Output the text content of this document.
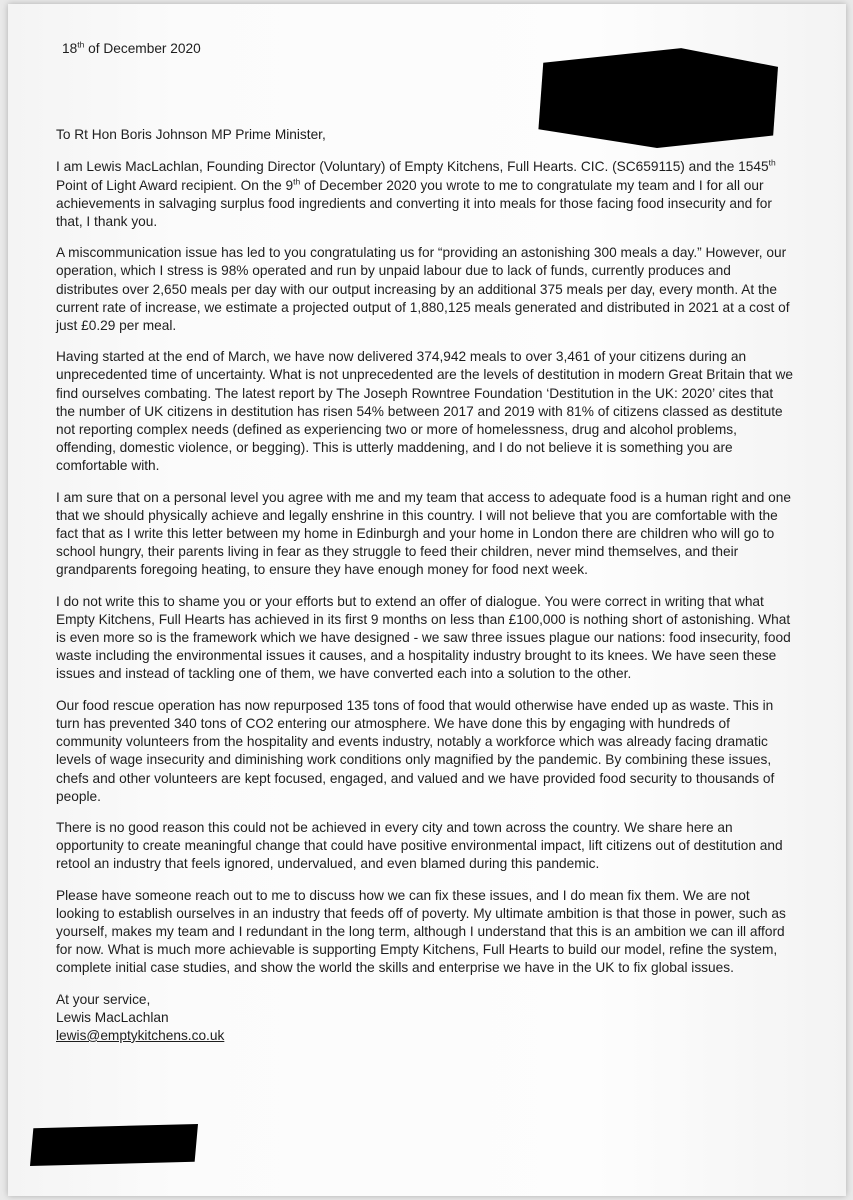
18th of December 2020

To Rt Hon Boris Johnson MP Prime Minister,

I am Lewis MacLachlan, Founding Director (Voluntary) of Empty Kitchens, Full Hearts. CIC. (SC659115) and the 1545th Point of Light Award recipient. On the 9th of December 2020 you wrote to me to congratulate my team and I for all our achievements in salvaging surplus food ingredients and converting it into meals for those facing food insecurity and for that, I thank you.

A miscommunication issue has led to you congratulating us for “providing an astonishing 300 meals a day.” However, our operation, which I stress is 98% operated and run by unpaid labour due to lack of funds, currently produces and distributes over 2,650 meals per day with our output increasing by an additional 375 meals per day, every month. At the current rate of increase, we estimate a projected output of 1,880,125 meals generated and distributed in 2021 at a cost of just £0.29 per meal.

Having started at the end of March, we have now delivered 374,942 meals to over 3,461 of your citizens during an unprecedented time of uncertainty. What is not unprecedented are the levels of destitution in modern Great Britain that we find ourselves combating. The latest report by The Joseph Rowntree Foundation ‘Destitution in the UK: 2020’ cites that the number of UK citizens in destitution has risen 54% between 2017 and 2019 with 81% of citizens classed as destitute not reporting complex needs (defined as experiencing two or more of homelessness, drug and alcohol problems, offending, domestic violence, or begging). This is utterly maddening, and I do not believe it is something you are comfortable with.

I am sure that on a personal level you agree with me and my team that access to adequate food is a human right and one that we should physically achieve and legally enshrine in this country. I will not believe that you are comfortable with the fact that as I write this letter between my home in Edinburgh and your home in London there are children who will go to school hungry, their parents living in fear as they struggle to feed their children, never mind themselves, and their grandparents foregoing heating, to ensure they have enough money for food next week.

I do not write this to shame you or your efforts but to extend an offer of dialogue. You were correct in writing that what Empty Kitchens, Full Hearts has achieved in its first 9 months on less than £100,000 is nothing short of astonishing. What is even more so is the framework which we have designed - we saw three issues plague our nations: food insecurity, food waste including the environmental issues it causes, and a hospitality industry brought to its knees. We have seen these issues and instead of tackling one of them, we have converted each into a solution to the other.

Our food rescue operation has now repurposed 135 tons of food that would otherwise have ended up as waste. This in turn has prevented 340 tons of CO2 entering our atmosphere. We have done this by engaging with hundreds of community volunteers from the hospitality and events industry, notably a workforce which was already facing dramatic levels of wage insecurity and diminishing work conditions only magnified by the pandemic. By combining these issues, chefs and other volunteers are kept focused, engaged, and valued and we have provided food security to thousands of people.

There is no good reason this could not be achieved in every city and town across the country. We share here an opportunity to create meaningful change that could have positive environmental impact, lift citizens out of destitution and retool an industry that feels ignored, undervalued, and even blamed during this pandemic.

Please have someone reach out to me to discuss how we can fix these issues, and I do mean fix them. We are not looking to establish ourselves in an industry that feeds off of poverty. My ultimate ambition is that those in power, such as yourself, makes my team and I redundant in the long term, although I understand that this is an ambition we can ill afford for now. What is much more achievable is supporting Empty Kitchens, Full Hearts to build our model, refine the system, complete initial case studies, and show the world the skills and enterprise we have in the UK to fix global issues.

At your service,

Lewis MacLachlan

lewis@emptykitchens.co.uk
